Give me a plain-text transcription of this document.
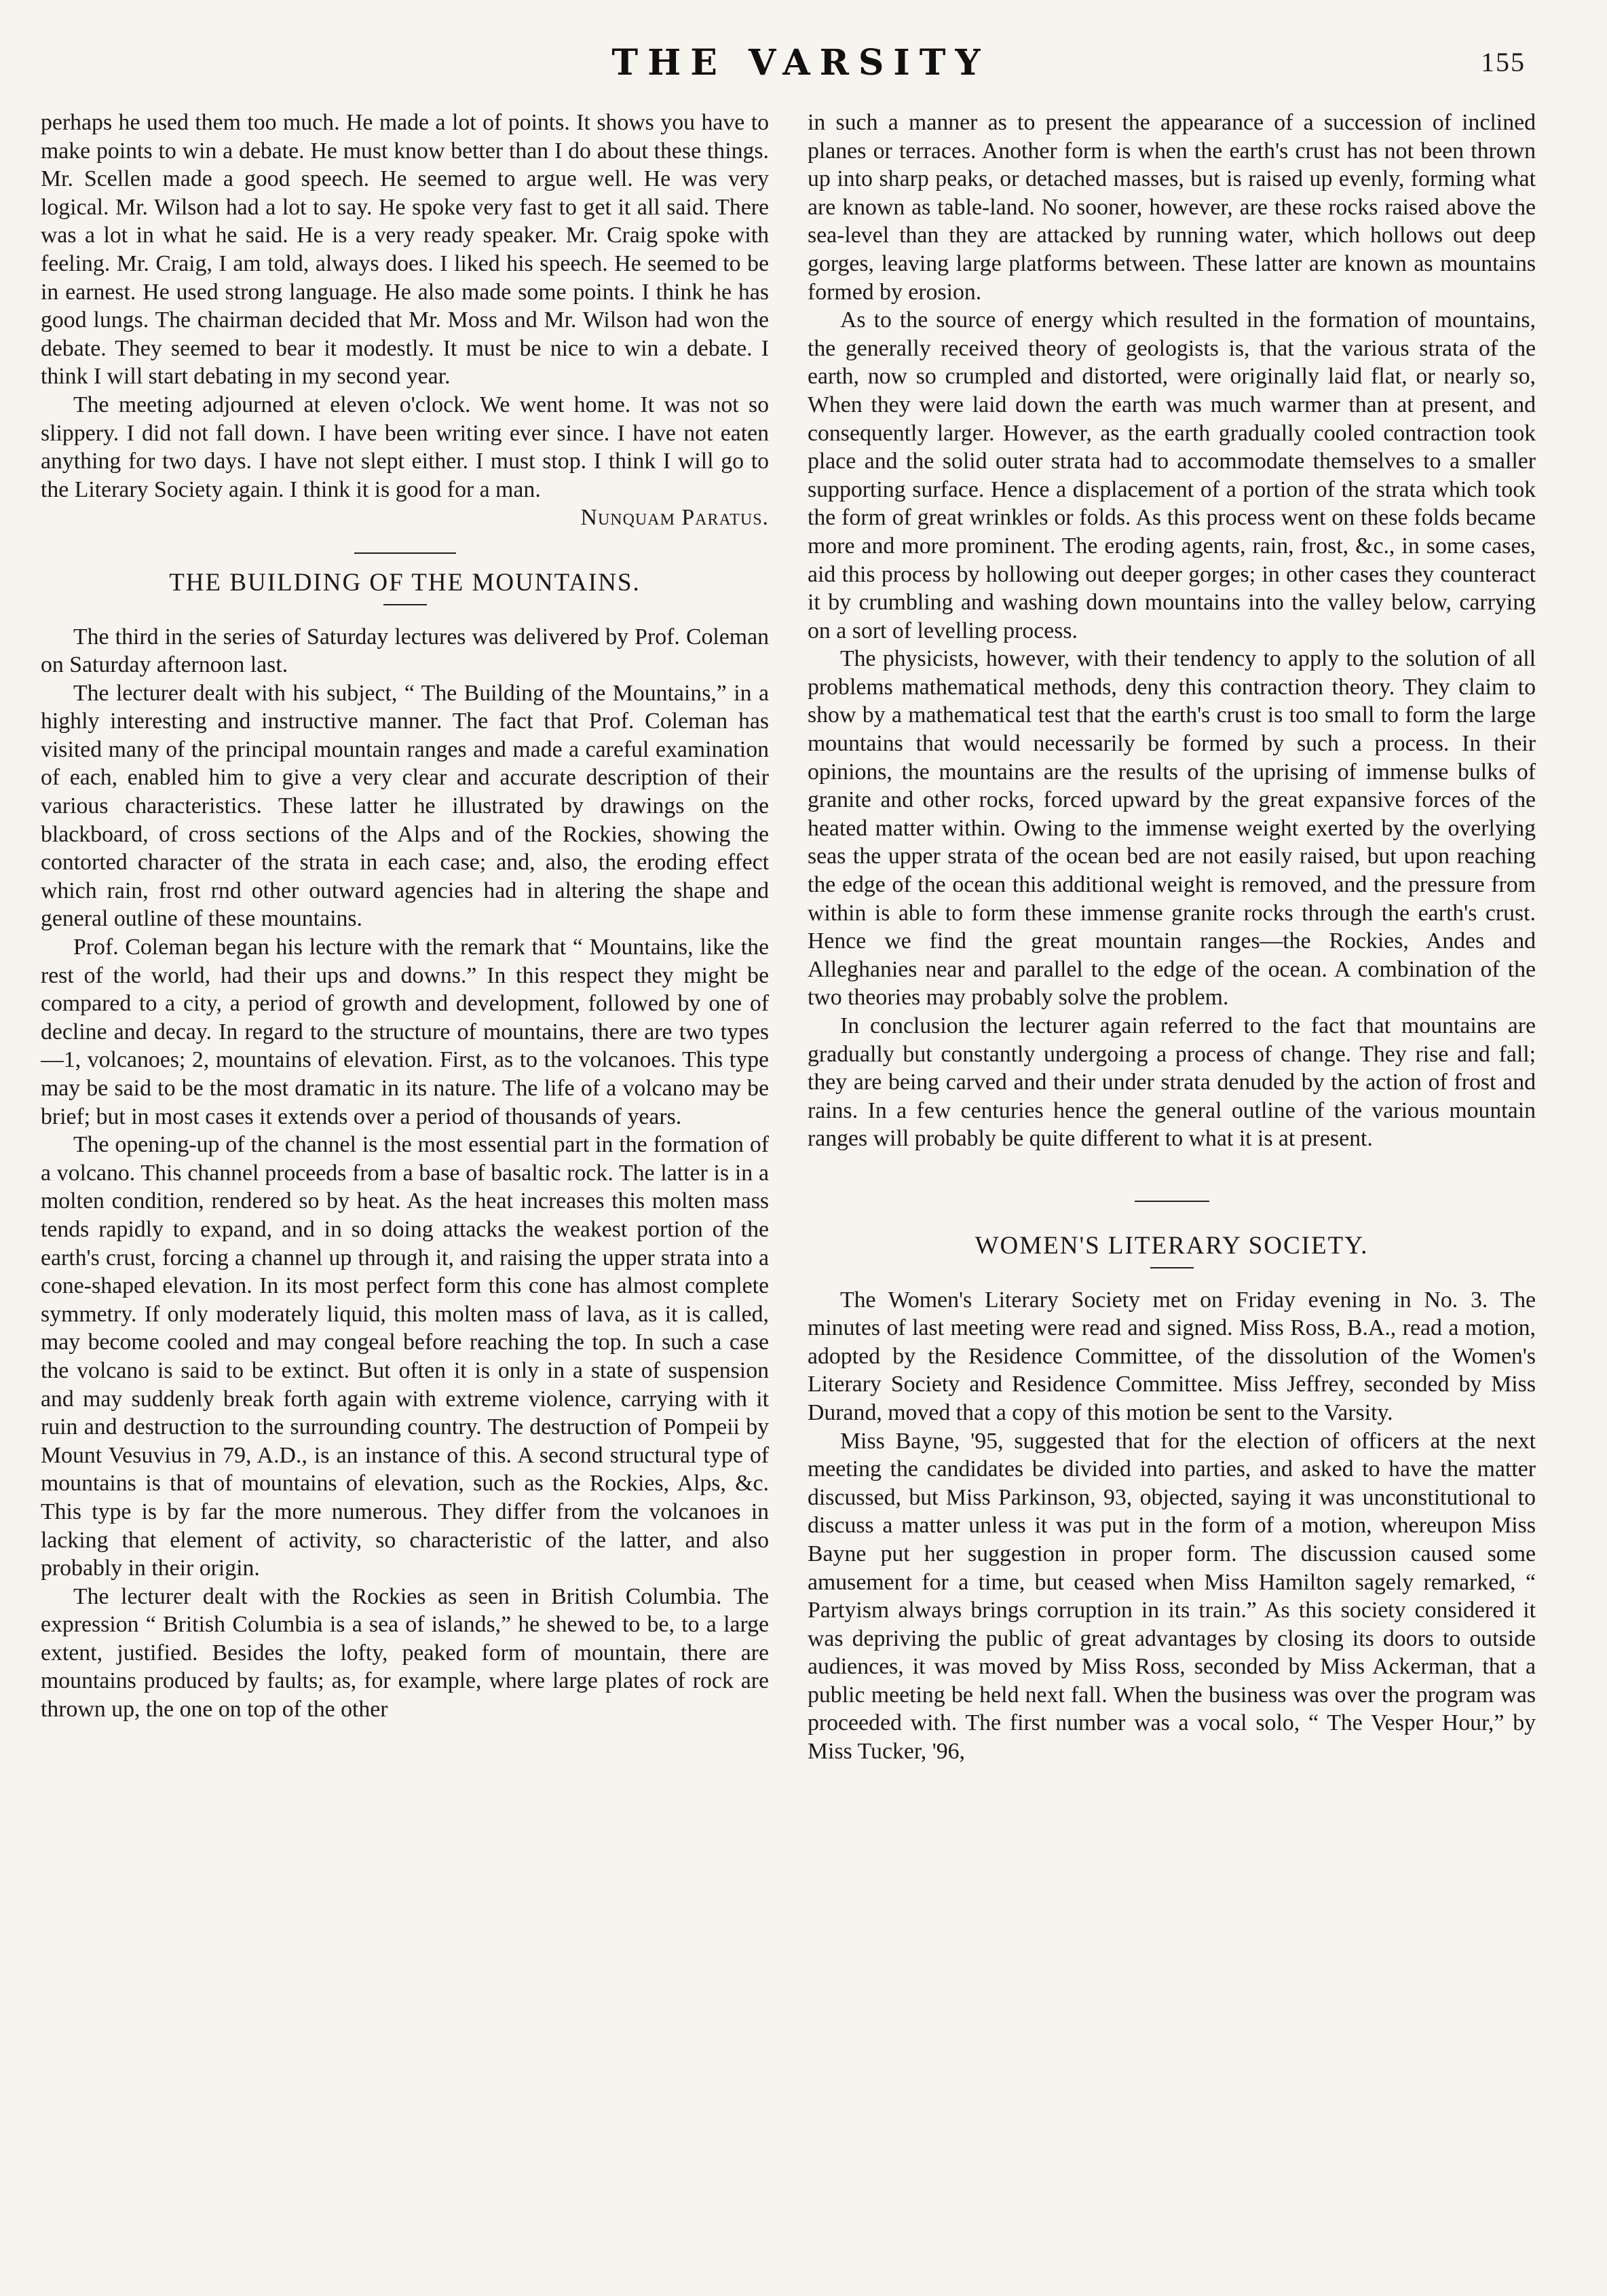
THE VARSITY	155

perhaps he used them too much. He made a lot of points. It shows you have to make points to win a debate. He must know better than I do about these things. Mr. Scellen made a good speech. He seemed to argue well. He was very logical. Mr. Wilson had a lot to say. He spoke very fast to get it all said. There was a lot in what he said. He is a very ready speaker. Mr. Craig spoke with feeling. Mr. Craig, I am told, always does. I liked his speech. He seemed to be in earnest. He used strong language. He also made some points. I think he has good lungs. The chairman decided that Mr. Moss and Mr. Wilson had won the debate. They seemed to bear it modestly. It must be nice to win a debate. I think I will start debating in my second year.

The meeting adjourned at eleven o'clock. We went home. It was not so slippery. I did not fall down. I have been writing ever since. I have not eaten anything for two days. I have not slept either. I must stop. I think I will go to the Literary Society again. I think it is good for a man.
Nunquam Paratus.

THE BUILDING OF THE MOUNTAINS.

The third in the series of Saturday lectures was delivered by Prof. Coleman on Saturday afternoon last.

The lecturer dealt with his subject, “ The Building of the Mountains,” in a highly interesting and instructive manner. The fact that Prof. Coleman has visited many of the principal mountain ranges and made a careful examination of each, enabled him to give a very clear and accurate description of their various characteristics. These latter he illustrated by drawings on the blackboard, of cross sections of the Alps and of the Rockies, showing the contorted character of the strata in each case; and, also, the eroding effect which rain, frost rnd other outward agencies had in altering the shape and general outline of these mountains.

Prof. Coleman began his lecture with the remark that “ Mountains, like the rest of the world, had their ups and downs.” In this respect they might be compared to a city, a period of growth and development, followed by one of decline and decay. In regard to the structure of mountains, there are two types—1, volcanoes; 2, mountains of elevation. First, as to the volcanoes. This type may be said to be the most dramatic in its nature. The life of a volcano may be brief; but in most cases it extends over a period of thousands of years.

The opening-up of the channel is the most essential part in the formation of a volcano. This channel proceeds from a base of basaltic rock. The latter is in a molten condition, rendered so by heat. As the heat increases this molten mass tends rapidly to expand, and in so doing attacks the weakest portion of the earth's crust, forcing a channel up through it, and raising the upper strata into a cone-shaped elevation. In its most perfect form this cone has almost complete symmetry. If only moderately liquid, this molten mass of lava, as it is called, may become cooled and may congeal before reaching the top. In such a case the volcano is said to be extinct. But often it is only in a state of suspension and may suddenly break forth again with extreme violence, carrying with it ruin and destruction to the surrounding country. The destruction of Pompeii by Mount Vesuvius in 79, A.D., is an instance of this. A second structural type of mountains is that of mountains of elevation, such as the Rockies, Alps, &c. This type is by far the more numerous. They differ from the volcanoes in lacking that element of activity, so characteristic of the latter, and also probably in their origin.

The lecturer dealt with the Rockies as seen in British Columbia. The expression “ British Columbia is a sea of islands,” he shewed to be, to a large extent, justified. Besides the lofty, peaked form of mountain, there are mountains produced by faults; as, for example, where large plates of rock are thrown up, the one on top of the other

in such a manner as to present the appearance of a succession of inclined planes or terraces. Another form is when the earth's crust has not been thrown up into sharp peaks, or detached masses, but is raised up evenly, forming what are known as table-land. No sooner, however, are these rocks raised above the sea-level than they are attacked by running water, which hollows out deep gorges, leaving large platforms between. These latter are known as mountains formed by erosion.

As to the source of energy which resulted in the formation of mountains, the generally received theory of geologists is, that the various strata of the earth, now so crumpled and distorted, were originally laid flat, or nearly so, When they were laid down the earth was much warmer than at present, and consequently larger. However, as the earth gradually cooled contraction took place and the solid outer strata had to accommodate themselves to a smaller supporting surface. Hence a displacement of a portion of the strata which took the form of great wrinkles or folds. As this process went on these folds became more and more prominent. The eroding agents, rain, frost, &c., in some cases, aid this process by hollowing out deeper gorges; in other cases they counteract it by crumbling and washing down mountains into the valley below, carrying on a sort of levelling process.

The physicists, however, with their tendency to apply to the solution of all problems mathematical methods, deny this contraction theory. They claim to show by a mathematical test that the earth's crust is too small to form the large mountains that would necessarily be formed by such a process. In their opinions, the mountains are the results of the uprising of immense bulks of granite and other rocks, forced upward by the great expansive forces of the heated matter within. Owing to the immense weight exerted by the overlying seas the upper strata of the ocean bed are not easily raised, but upon reaching the edge of the ocean this additional weight is removed, and the pressure from within is able to form these immense granite rocks through the earth's crust. Hence we find the great mountain ranges—the Rockies, Andes and Alleghanies near and parallel to the edge of the ocean. A combination of the two theories may probably solve the problem.

In conclusion the lecturer again referred to the fact that mountains are gradually but constantly undergoing a process of change. They rise and fall; they are being carved and their under strata denuded by the action of frost and rains. In a few centuries hence the general outline of the various mountain ranges will probably be quite different to what it is at present.

WOMEN'S LITERARY SOCIETY.

The Women's Literary Society met on Friday evening in No. 3. The minutes of last meeting were read and signed. Miss Ross, B.A., read a motion, adopted by the Residence Committee, of the dissolution of the Women's Literary Society and Residence Committee. Miss Jeffrey, seconded by Miss Durand, moved that a copy of this motion be sent to the Varsity.

Miss Bayne, '95, suggested that for the election of officers at the next meeting the candidates be divided into parties, and asked to have the matter discussed, but Miss Parkinson, 93, objected, saying it was unconstitutional to discuss a matter unless it was put in the form of a motion, whereupon Miss Bayne put her suggestion in proper form. The discussion caused some amusement for a time, but ceased when Miss Hamilton sagely remarked, “ Partyism always brings corruption in its train.” As this society considered it was depriving the public of great advantages by closing its doors to outside audiences, it was moved by Miss Ross, seconded by Miss Ackerman, that a public meeting be held next fall. When the business was over the program was proceeded with. The first number was a vocal solo, “ The Vesper Hour,” by Miss Tucker, '96,
